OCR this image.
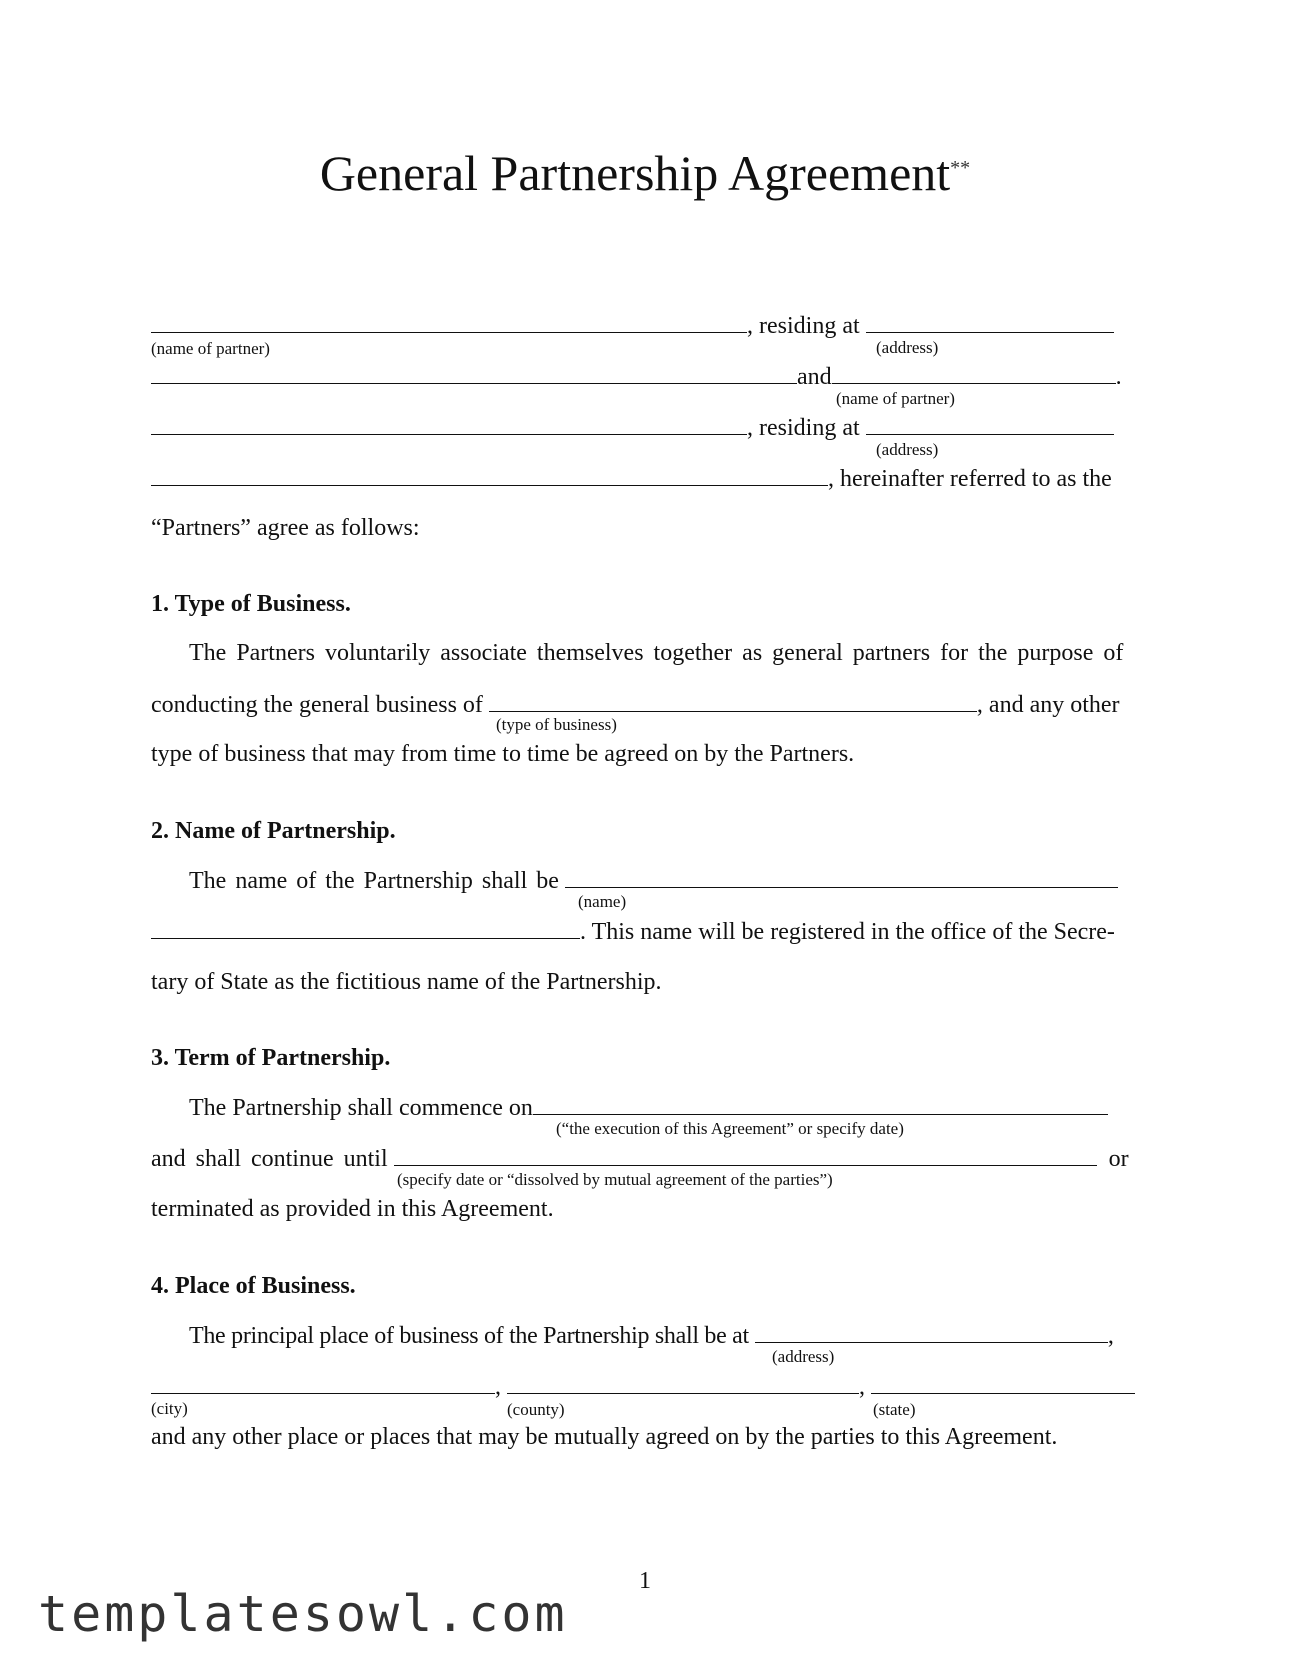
General Partnership Agreement**
, residing at
(name of partner)	(address)
and	.
(name of partner)
, residing at
(address)
, hereinafter referred to as the
“Partners” agree as follows:
1. Type of Business.
The Partners voluntarily associate themselves together as general partners for the purpose of
conducting the general business of	, and any other
(type of business)
type of business that may from time to time be agreed on by the Partners.
2. Name of Partnership.
The name of the Partnership shall be
(name)
. This name will be registered in the office of the Secre-
tary of State as the fictitious name of the Partnership.
3. Term of Partnership.
The Partnership shall commence on
(“the execution of this Agreement” or specify date)
and shall continue until	or
(specify date or “dissolved by mutual agreement of the parties”)
terminated as provided in this Agreement.
4. Place of Business.
The principal place of business of the Partnership shall be at	,
(address)
,	,
(city)	(county)	(state)
and any other place or places that may be mutually agreed on by the parties to this Agreement.
1
templatesowl.com
